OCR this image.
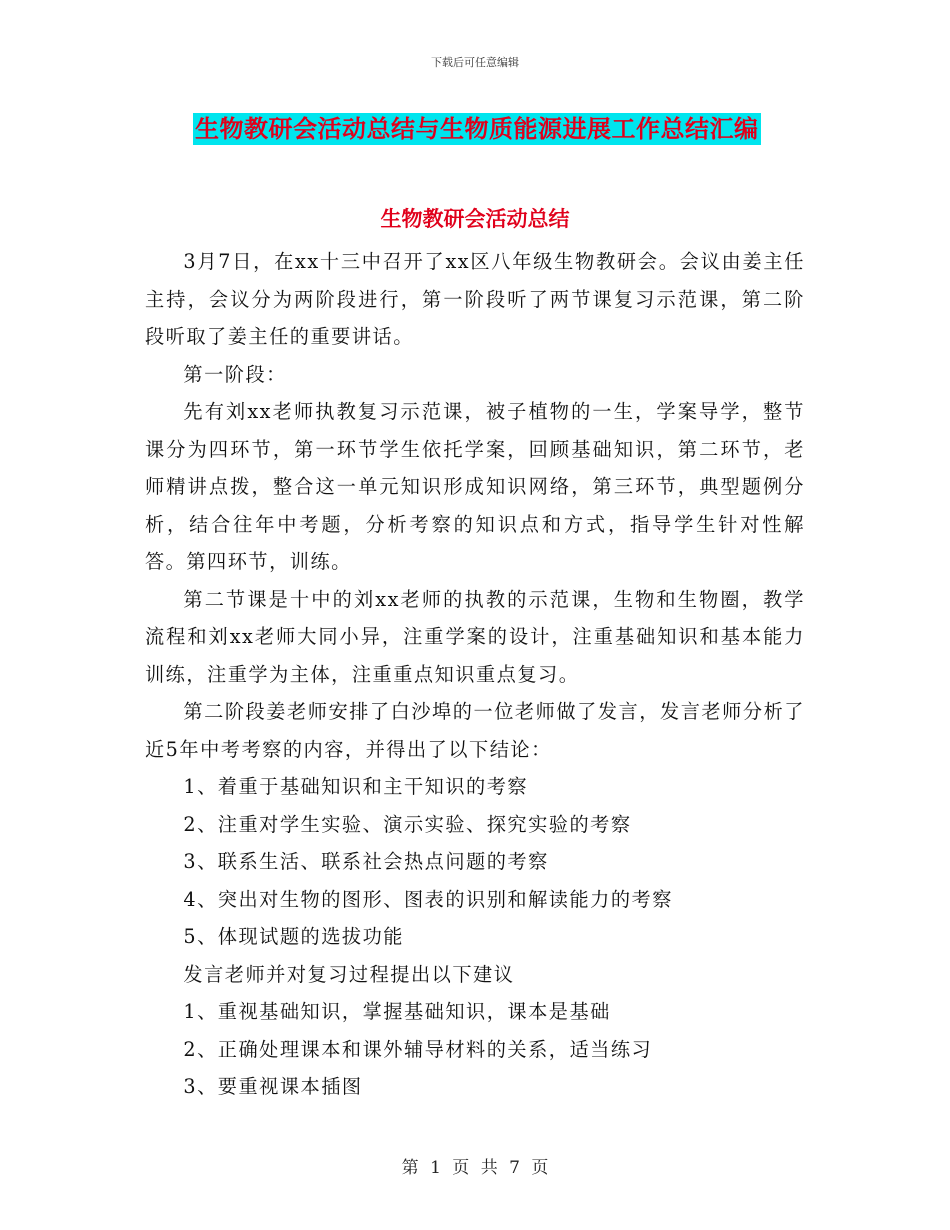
下载后可任意编辑
生物教研会活动总结与生物质能源进展工作总结汇编
生物教研会活动总结

3月7日，在xx十三中召开了xx区八年级生物教研会。会议由姜主任主持，会议分为两阶段进行，第一阶段听了两节课复习示范课，第二阶段听取了姜主任的重要讲话。

第一阶段：

先有刘xx老师执教复习示范课，被子植物的一生，学案导学，整节课分为四环节，第一环节学生依托学案，回顾基础知识，第二环节，老师精讲点拨，整合这一单元知识形成知识网络，第三环节，典型题例分析，结合往年中考题，分析考察的知识点和方式，指导学生针对性解答。第四环节，训练。

第二节课是十中的刘xx老师的执教的示范课，生物和生物圈，教学流程和刘xx老师大同小异，注重学案的设计，注重基础知识和基本能力训练，注重学为主体，注重重点知识重点复习。

第二阶段姜老师安排了白沙埠的一位老师做了发言，发言老师分析了近5年中考考察的内容，并得出了以下结论：

1、着重于基础知识和主干知识的考察

2、注重对学生实验、演示实验、探究实验的考察

3、联系生活、联系社会热点问题的考察

4、突出对生物的图形、图表的识别和解读能力的考察

5、体现试题的选拔功能

发言老师并对复习过程提出以下建议

1、重视基础知识，掌握基础知识，课本是基础

2、正确处理课本和课外辅导材料的关系，适当练习

3、要重视课本插图

第 1 页 共 7 页
